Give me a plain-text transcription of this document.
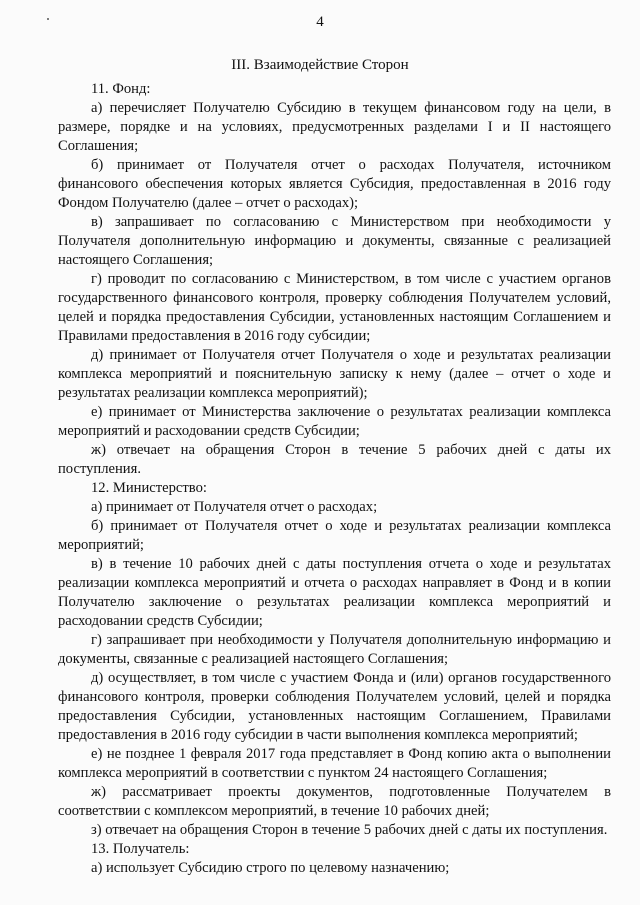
4
III. Взаимодействие Сторон

11. Фонд:

а) перечисляет Получателю Субсидию в текущем финансовом году на цели, в размере, порядке и на условиях, предусмотренных разделами I и II настоящего Соглашения;

б) принимает от Получателя отчет о расходах Получателя, источником финансового обеспечения которых является Субсидия, предоставленная в 2016 году Фондом Получателю (далее – отчет о расходах);

в) запрашивает по согласованию с Министерством при необходимости у Получателя дополнительную информацию и документы, связанные с реализацией настоящего Соглашения;

г) проводит по согласованию с Министерством, в том числе с участием органов государственного финансового контроля, проверку соблюдения Получателем условий, целей и порядка предоставления Субсидии, установленных настоящим Соглашением и Правилами предоставления в 2016 году субсидии;

д) принимает от Получателя отчет Получателя о ходе и результатах реализации комплекса мероприятий и пояснительную записку к нему (далее – отчет о ходе и результатах реализации комплекса мероприятий);

е) принимает от Министерства заключение о результатах реализации комплекса мероприятий и расходовании средств Субсидии;

ж) отвечает на обращения Сторон в течение 5 рабочих дней с даты их поступления.

12. Министерство:

а) принимает от Получателя отчет о расходах;

б) принимает от Получателя отчет о ходе и результатах реализации комплекса мероприятий;

в) в течение 10 рабочих дней с даты поступления отчета о ходе и результатах реализации комплекса мероприятий и отчета о расходах направляет в Фонд и в копии Получателю заключение о результатах реализации комплекса мероприятий и расходовании средств Субсидии;

г) запрашивает при необходимости у Получателя дополнительную информацию и документы, связанные с реализацией настоящего Соглашения;

д) осуществляет, в том числе с участием Фонда и (или) органов государственного финансового контроля, проверки соблюдения Получателем условий, целей и порядка предоставления Субсидии, установленных настоящим Соглашением, Правилами предоставления в 2016 году субсидии в части выполнения комплекса мероприятий;

е) не позднее 1 февраля 2017 года представляет в Фонд копию акта о выполнении комплекса мероприятий в соответствии с пунктом 24 настоящего Соглашения;

ж) рассматривает проекты документов, подготовленные Получателем в соответствии с комплексом мероприятий, в течение 10 рабочих дней;

з) отвечает на обращения Сторон в течение 5 рабочих дней с даты их поступления.

13. Получатель:

а) использует Субсидию строго по целевому назначению;
